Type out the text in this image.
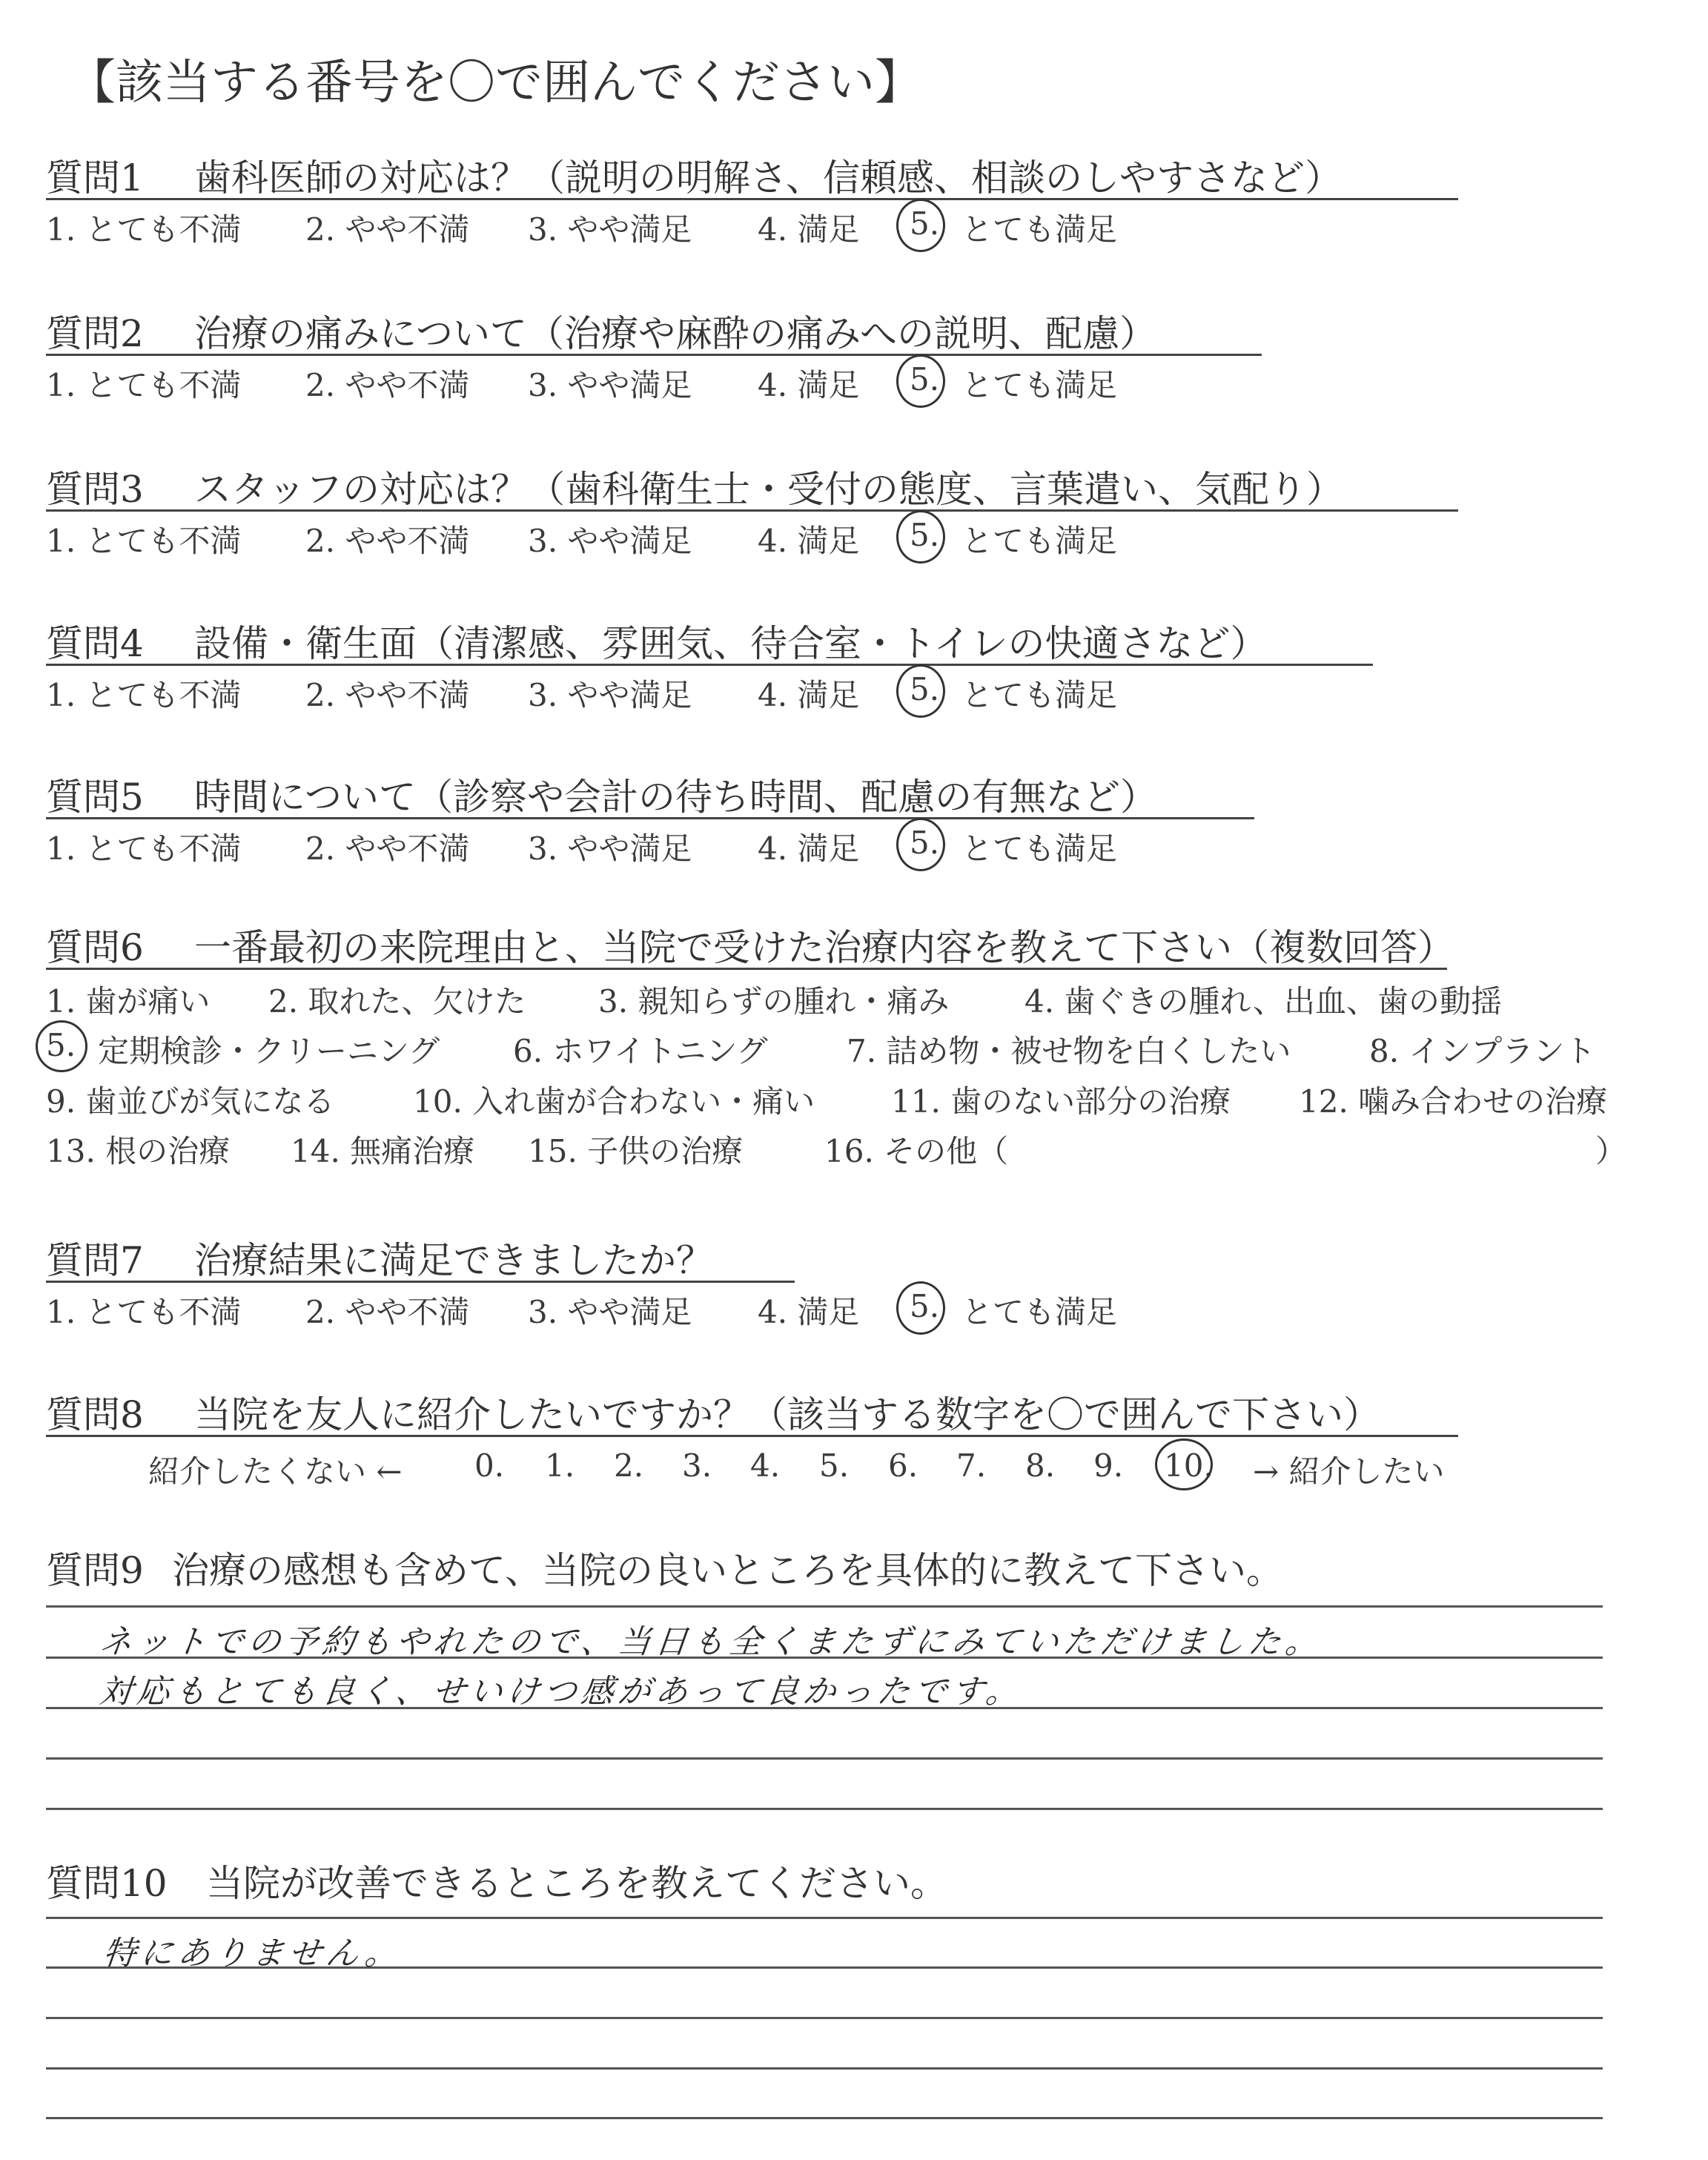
【該当する番号を〇で囲んでください】
質問1 歯科医師の対応は？（説明の明解さ、信頼感、相談のしやすさなど）
1. とても不満 2. やや不満 3. やや満足 4. 満足 5. とても満足
質問2 治療の痛みについて（治療や麻酔の痛みへの説明、配慮）
1. とても不満 2. やや不満 3. やや満足 4. 満足 5. とても満足
質問3 スタッフの対応は？（歯科衛生士・受付の態度、言葉遣い、気配り）
1. とても不満 2. やや不満 3. やや満足 4. 満足 5. とても満足
質問4 設備・衛生面（清潔感、雰囲気、待合室・トイレの快適さなど）
1. とても不満 2. やや不満 3. やや満足 4. 満足 5. とても満足
質問5 時間について（診察や会計の待ち時間、配慮の有無など）
1. とても不満 2. やや不満 3. やや満足 4. 満足 5. とても満足
質問7 治療結果に満足できましたか？
1. とても不満 2. やや不満 3. やや満足 4. 満足 5. とても満足
質問6 一番最初の来院理由と、当院で受けた治療内容を教えて下さい（複数回答）
1. 歯が痛い 2. 取れた、欠けた 3. 親知らずの腫れ・痛み 4. 歯ぐきの腫れ、出血、歯の動揺
5. 定期検診・クリーニング 6. ホワイトニング	7. 詰め物・被せ物を白くしたい	8. インプラント
9. 歯並びが気になる	10. 入れ歯が合わない・痛い 11. 歯のない部分の治療 12. 噛み合わせの治療
13. 根の治療 14. 無痛治療 15. 子供の治療	16. その他（	）
質問8 当院を友人に紹介したいですか？（該当する数字を〇で囲んで下さい）
紹介したくない ← 0. 1. 2. 3. 4. 5. 6. 7. 8. 9. 10. → 紹介したい
質問9 治療の感想も含めて、当院の良いところを具体的に教えて下さい。
ネットでの予約もやれたので、当日も全くまたずにみていただけました。
対応もとても良く、せいけつ感があって良かったです。
質問10 当院が改善できるところを教えてください。
特にありません。
